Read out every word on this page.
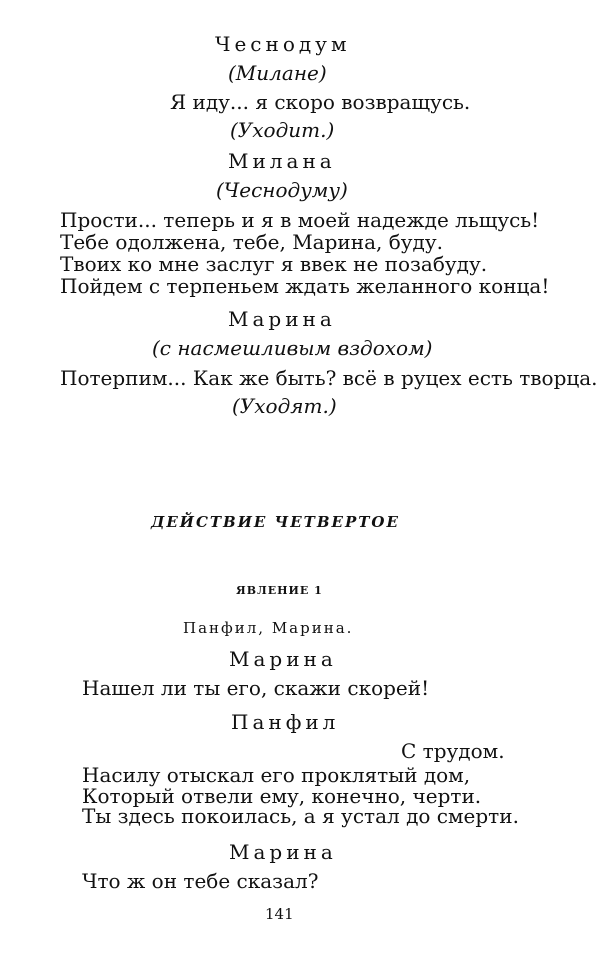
Чеснодум

(Милане)

Я иду... я скоро возвращусь.

(Уходит.)

Милана

(Чеснодуму)

Прости... теперь и я в моей надежде льщусь!

Тебе одолжена, тебе, Марина, буду.

Твоих ко мне заслуг я ввек не позабуду.

Пойдем с терпеньем ждать желанного конца!

Марина

(с насмешливым вздохом)

Потерпим... Как же быть? всё в руцех есть творца.

(Уходят.)

ДЕЙСТВИЕ ЧЕТВЕРТОЕ

ЯВЛЕНИЕ 1

Панфил, Марина.

Марина

Нашел ли ты его, скажи скорей!

Панфил

С трудом.

Насилу отыскал его проклятый дом,

Который отвели ему, конечно, черти.

Ты здесь покоилась, а я устал до смерти.

Марина

Что ж он тебе сказал?

141
